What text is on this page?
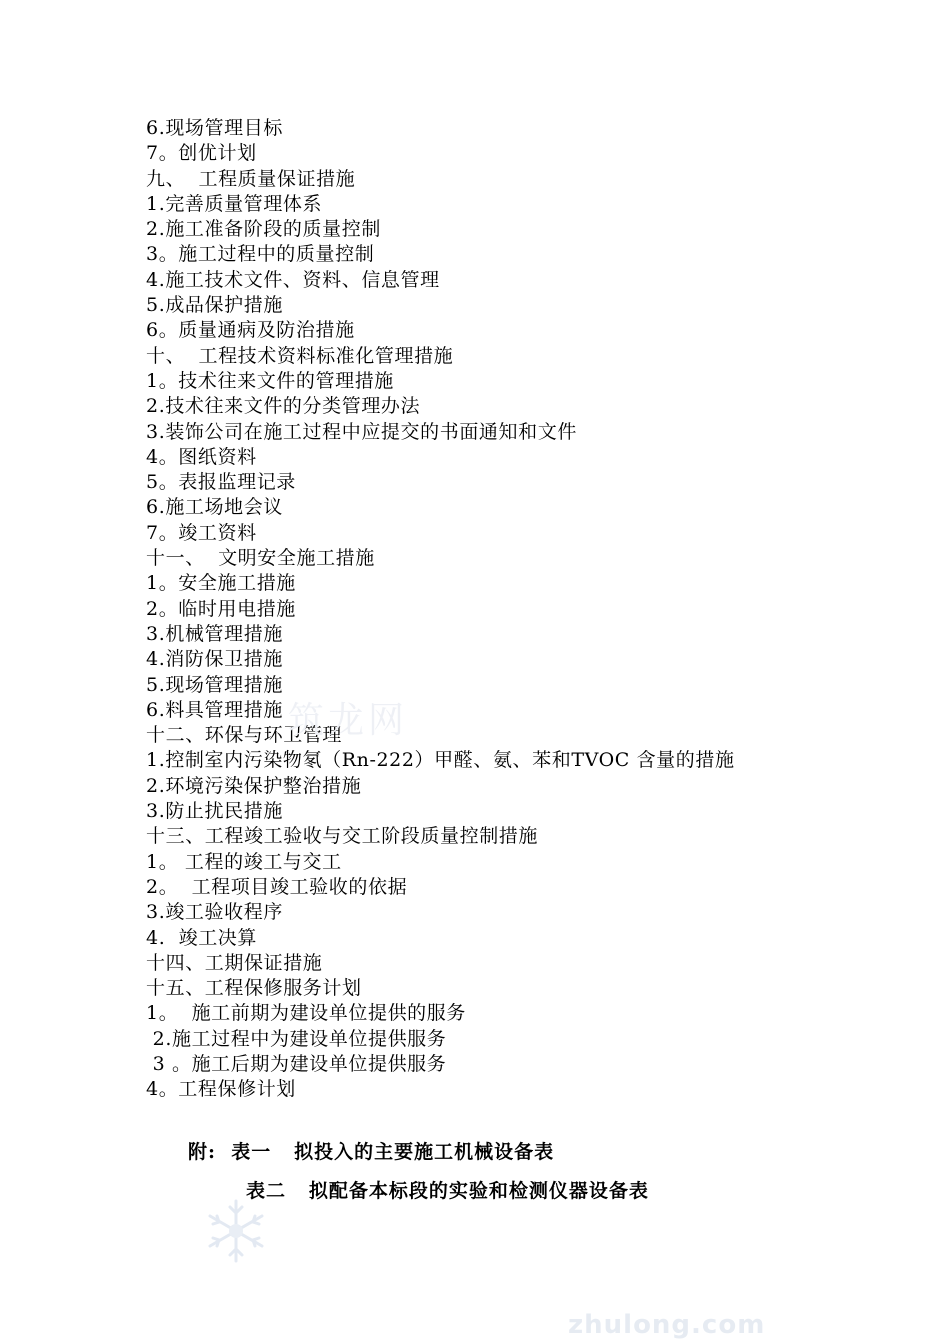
6.现场管理目标
7。创优计划
九、  工程质量保证措施
1.完善质量管理体系
2.施工准备阶段的质量控制
3。施工过程中的质量控制
4.施工技术文件、资料、信息管理
5.成品保护措施
6。质量通病及防治措施
十、  工程技术资料标准化管理措施
1。技术往来文件的管理措施
2.技术往来文件的分类管理办法
3.装饰公司在施工过程中应提交的书面通知和文件
4。图纸资料
5。表报监理记录
6.施工场地会议
7。竣工资料
十一、  文明安全施工措施
1。安全施工措施
2。临时用电措施
3.机械管理措施
4.消防保卫措施
5.现场管理措施
6.料具管理措施
十二、环保与环卫管理
1.控制室内污染物氡（Rn-222）甲醛、氨、苯和TVOC 含量的措施
2.环境污染保护整治措施
3.防止扰民措施
十三、工程竣工验收与交工阶段质量控制措施
1。 工程的竣工与交工
2。  工程项目竣工验收的依据
3.竣工验收程序
4.  竣工决算
十四、工期保证措施
十五、工程保修服务计划
1。  施工前期为建设单位提供的服务
2.施工过程中为建设单位提供服务
3 。施工后期为建设单位提供服务
4。工程保修计划
附:  表一   拟投入的主要施工机械设备表
表二   拟配备本标段的实验和检测仪器设备表
筑龙网
zhulong.com
